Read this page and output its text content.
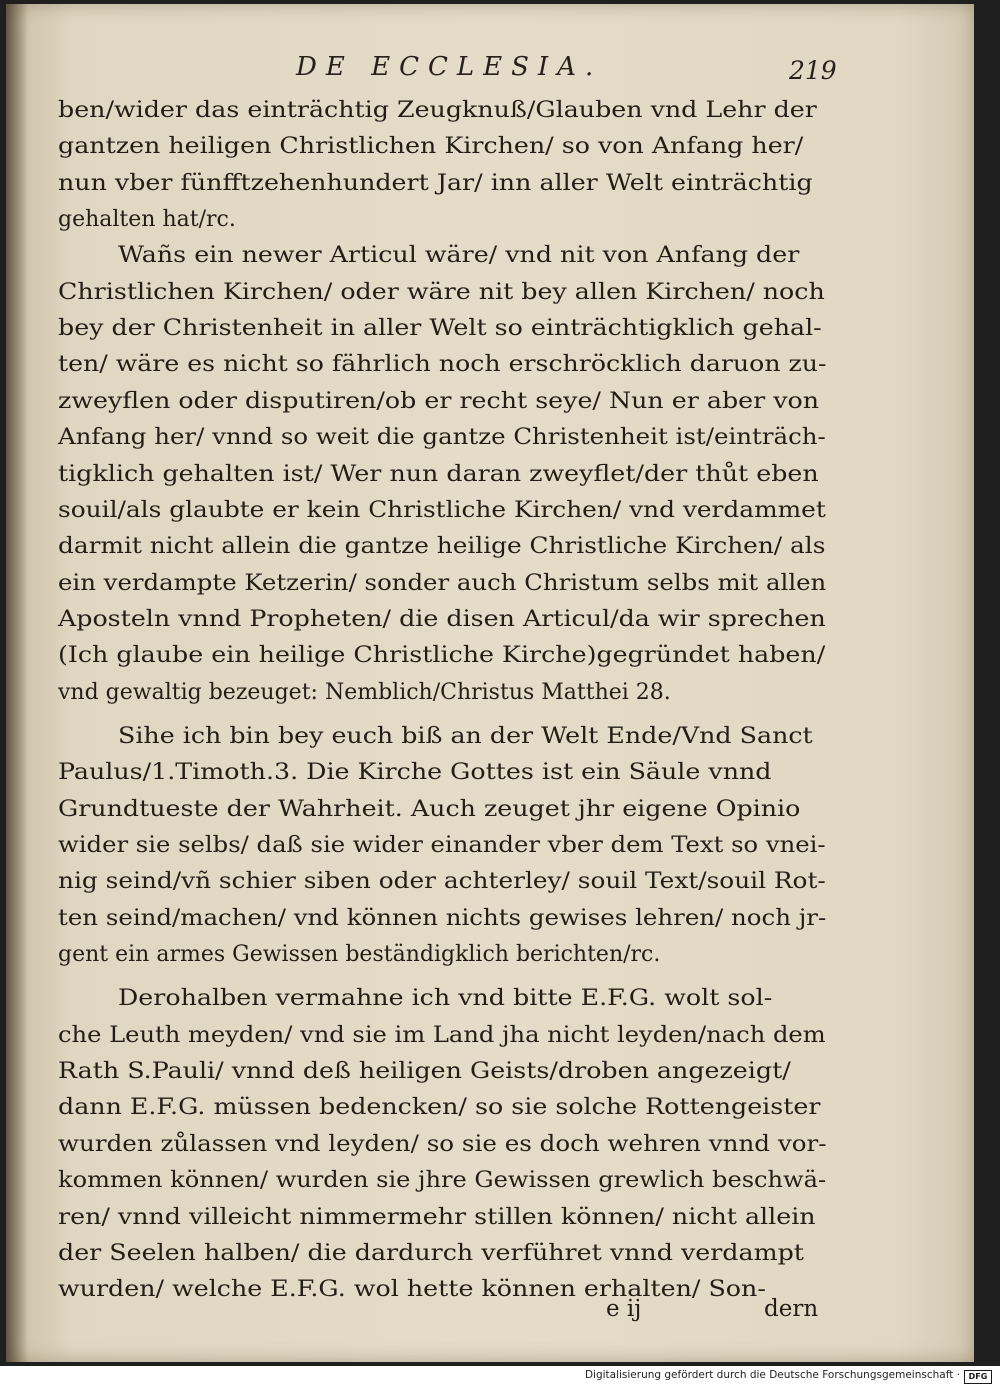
DE ECCLESIA.	219
ben/wider das einträchtig Zeugknuß/Glauben vnd Lehr der
gantzen heiligen Christlichen Kirchen/ so von Anfang her/
nun vber fünfftzehenhundert Jar/ inn aller Welt einträchtig
gehalten hat/rc.
Wañs ein newer Articul wäre/ vnd nit von Anfang der
Christlichen Kirchen/ oder wäre nit bey allen Kirchen/ noch
bey der Christenheit in aller Welt so einträchtigklich gehal-
ten/ wäre es nicht so fährlich noch erschröcklich daruon zu-
zweyflen oder disputiren/ob er recht seye/ Nun er aber von
Anfang her/ vnnd so weit die gantze Christenheit ist/einträch-
tigklich gehalten ist/ Wer nun daran zweyflet/der thůt eben
souil/als glaubte er kein Christliche Kirchen/ vnd verdammet
darmit nicht allein die gantze heilige Christliche Kirchen/ als
ein verdampte Ketzerin/ sonder auch Christum selbs mit allen
Aposteln vnnd Propheten/ die disen Articul/da wir sprechen
(Ich glaube ein heilige Christliche Kirche)gegründet haben/
vnd gewaltig bezeuget: Nemblich/Christus Matthei 28.
Sihe ich bin bey euch biß an der Welt Ende/Vnd Sanct
Paulus/1.Timoth.3. Die Kirche Gottes ist ein Säule vnnd
Grundtueste der Wahrheit. Auch zeuget jhr eigene Opinio
wider sie selbs/ daß sie wider einander vber dem Text so vnei-
nig seind/vñ schier siben oder achterley/ souil Text/souil Rot-
ten seind/machen/ vnd können nichts gewises lehren/ noch jr-
gent ein armes Gewissen beständigklich berichten/rc.
Derohalben vermahne ich vnd bitte E.F.G. wolt sol-
che Leuth meyden/ vnd sie im Land jha nicht leyden/nach dem
Rath S.Pauli/ vnnd deß heiligen Geists/droben angezeigt/
dann E.F.G. müssen bedencken/ so sie solche Rottengeister
wurden zůlassen vnd leyden/ so sie es doch wehren vnnd vor-
kommen können/ wurden sie jhre Gewissen grewlich beschwä-
ren/ vnnd villeicht nimmermehr stillen können/ nicht allein
der Seelen halben/ die dardurch verführet vnnd verdampt
wurden/ welche E.F.G. wol hette können erhalten/ Son-
e ij	dern
Digitalisierung gefördert durch die Deutsche Forschungsgemeinschaft ·	DFG
